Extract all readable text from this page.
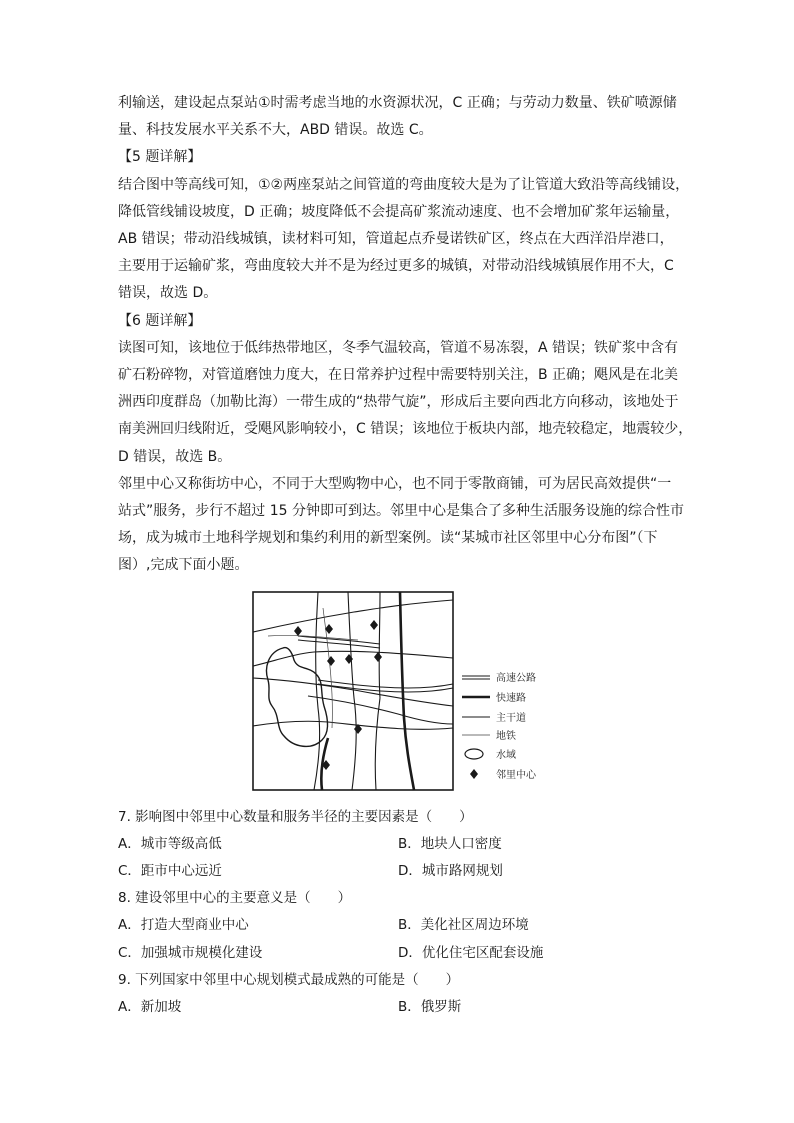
利输送，建设起点泵站①时需考虑当地的水资源状况，C 正确；与劳动力数量、铁矿喷源储

量、科技发展水平关系不大，ABD 错误。故选 C。

【5 题详解】

结合图中等高线可知，①②两座泵站之间管道的弯曲度较大是为了让管道大致沿等高线铺设，

降低管线铺设坡度，D 正确；坡度降低不会提高矿浆流动速度、也不会增加矿浆年运输量，

AB 错误；带动沿线城镇，读材料可知，管道起点乔曼诺铁矿区，终点在大西洋沿岸港口，

主要用于运输矿浆，弯曲度较大并不是为经过更多的城镇，对带动沿线城镇展作用不大，C

错误，故选 D。

【6 题详解】

读图可知，该地位于低纬热带地区，冬季气温较高，管道不易冻裂，A 错误；铁矿浆中含有

矿石粉碎物，对管道磨蚀力度大，在日常养护过程中需要特别关注，B 正确；飓风是在北美

洲西印度群岛（加勒比海）一带生成的“热带气旋”，形成后主要向西北方向移动，该地处于

南美洲回归线附近，受飓风影响较小，C 错误；该地位于板块内部，地壳较稳定，地震较少，

D 错误，故选 B。

邻里中心又称街坊中心，不同于大型购物中心，也不同于零散商铺，可为居民高效提供“一

站式”服务，步行不超过 15 分钟即可到达。邻里中心是集合了多种生活服务设施的综合性市

场，成为城市土地科学规划和集约利用的新型案例。读“某城市社区邻里中心分布图”（下

图）,完成下面小题。

高速公路
快速路
主干道
地铁
水域
邻里中心

7. 影响图中邻里中心数量和服务半径的主要因素是（　　）

A．城市等级高低	B．地块人口密度
C．距市中心远近	D．城市路网规划

8. 建设邻里中心的主要意义是（　　）

A．打造大型商业中心	B．美化社区周边环境
C．加强城市规模化建设	D．优化住宅区配套设施

9. 下列国家中邻里中心规划模式最成熟的可能是（　　）

A．新加坡	B．俄罗斯
